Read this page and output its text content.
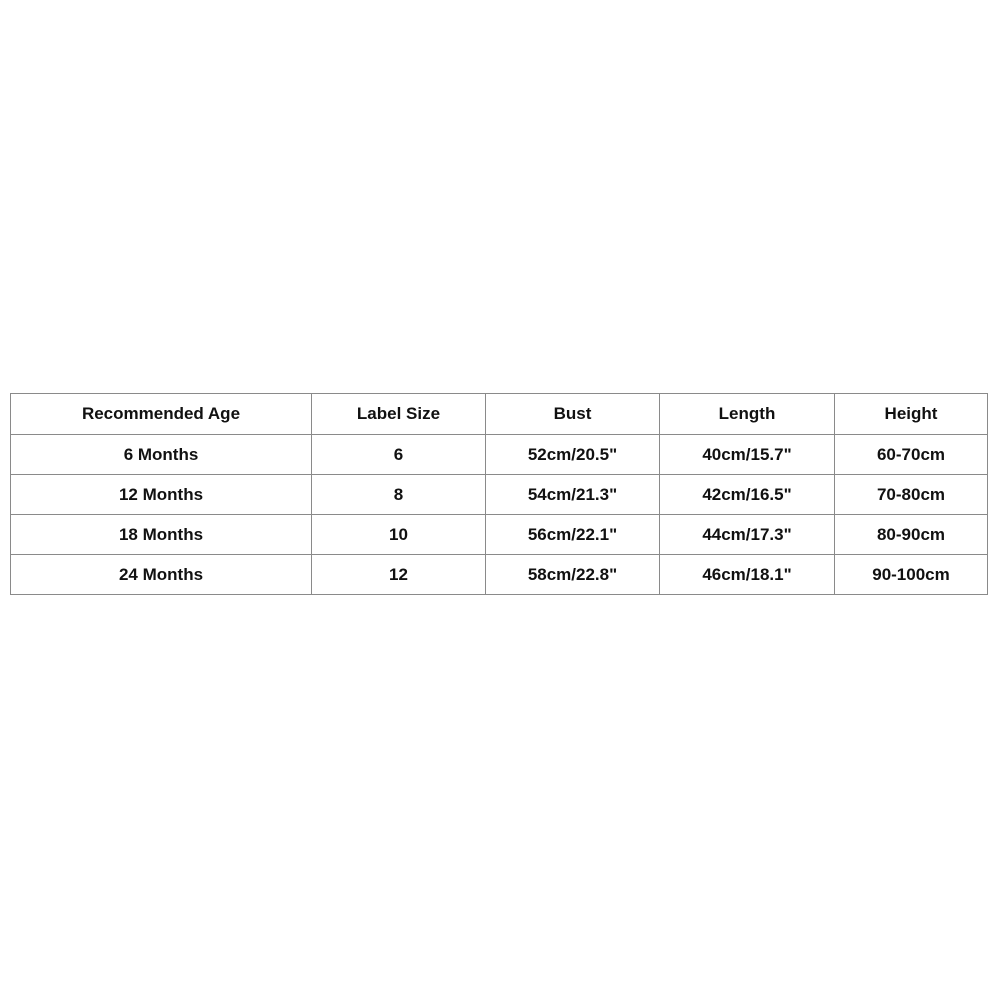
Recommended Age	Label Size	Bust	Length	Height
6 Months	6	52cm/20.5"	40cm/15.7"	60-70cm
12 Months	8	54cm/21.3"	42cm/16.5"	70-80cm
18 Months	10	56cm/22.1"	44cm/17.3"	80-90cm
24 Months	12	58cm/22.8"	46cm/18.1"	90-100cm
